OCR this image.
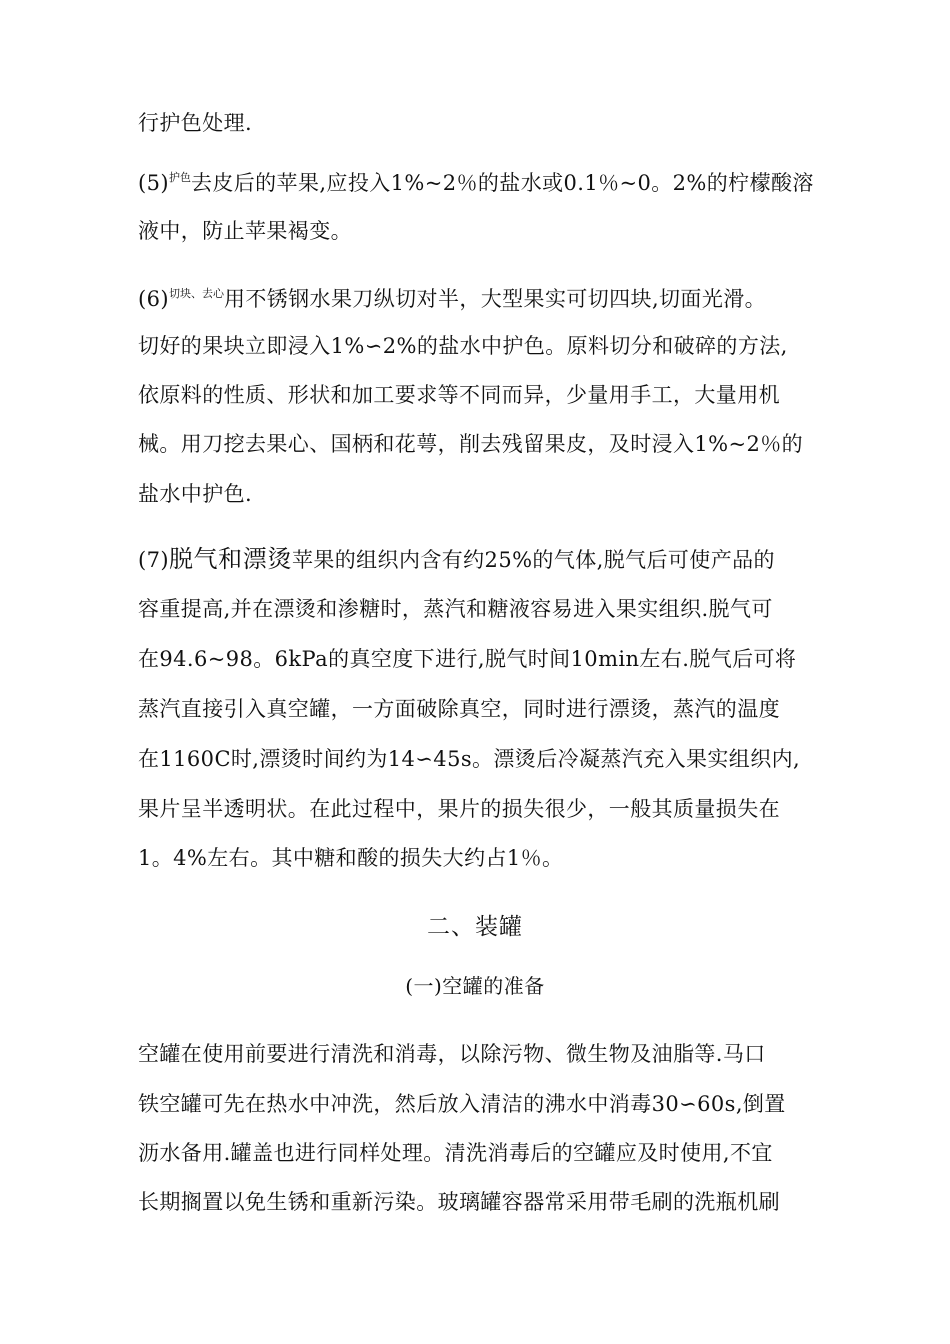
行护色处理.
$(5)^{护色}$去皮后的苹果,应投入1%~2％的盐水或0.1％~0。2%的柠檬酸溶
液中，防止苹果褐变。
$(6)^{切块、去心}$用不锈钢水果刀纵切对半，大型果实可切四块,切面光滑。
切好的果块立即浸入1%∽2%的盐水中护色。原料切分和破碎的方法,
依原料的性质、形状和加工要求等不同而异，少量用手工，大量用机
械。用刀挖去果心、国柄和花萼，削去残留果皮，及时浸入1%~2％的
盐水中护色.
(7)脱气和漂烫苹果的组织内含有约25%的气体,脱气后可使产品的
容重提高,并在漂烫和渗糖时，蒸汽和糖液容易进入果实组织.脱气可
在94.6~98。6kPa的真空度下进行,脱气时间10min左右.脱气后可将
蒸汽直接引入真空罐，一方面破除真空，同时进行漂烫，蒸汽的温度
在1160C时,漂烫时间约为14∽45s。漂烫后冷凝蒸汽充入果实组织内,
果片呈半透明状。在此过程中，果片的损失很少，一般其质量损失在
1。4%左右。其中糖和酸的损失大约占1％。
二、装罐
(一)空罐的准备
空罐在使用前要进行清洗和消毒，以除污物、微生物及油脂等.马口
铁空罐可先在热水中冲洗，然后放入清洁的沸水中消毒30∽60s,倒置
沥水备用.罐盖也进行同样处理。清洗消毒后的空罐应及时使用,不宜
长期搁置以免生锈和重新污染。玻璃罐容器常采用带毛刷的洗瓶机刷
